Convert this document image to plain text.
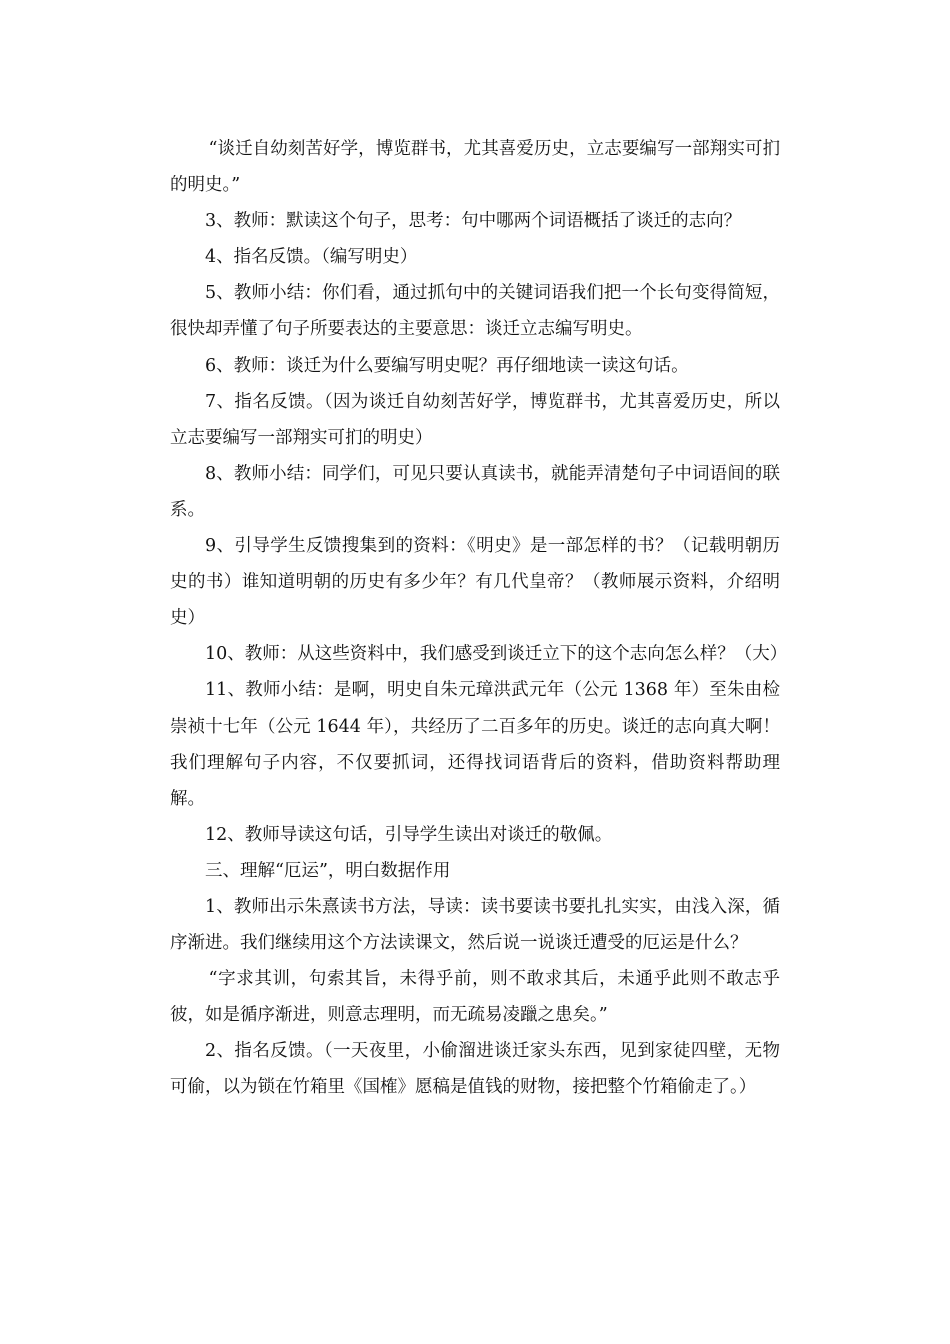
“谈迁自幼刻苦好学，博览群书，尤其喜爱历史，立志要编写一部翔实可扪的明史。”

3、教师：默读这个句子，思考：句中哪两个词语概括了谈迁的志向？

4、指名反馈。（编写明史）

5、教师小结：你们看，通过抓句中的关键词语我们把一个长句变得简短，很快却弄懂了句子所要表达的主要意思：谈迁立志编写明史。

6、教师：谈迁为什么要编写明史呢？再仔细地读一读这句话。

7、指名反馈。（因为谈迁自幼刻苦好学，博览群书，尤其喜爱历史，所以立志要编写一部翔实可扪的明史）

8、教师小结：同学们，可见只要认真读书，就能弄清楚句子中词语间的联系。

9、引导学生反馈搜集到的资料：《明史》是一部怎样的书？（记载明朝历史的书）谁知道明朝的历史有多少年？有几代皇帝？（教师展示资料，介绍明史）

10、教师：从这些资料中，我们感受到谈迁立下的这个志向怎么样？（大）

11、教师小结：是啊，明史自朱元璋洪武元年（公元 1368 年）至朱由检崇祯十七年（公元 1644 年），共经历了二百多年的历史。谈迁的志向真大啊！我们理解句子内容，不仅要抓词，还得找词语背后的资料，借助资料帮助理解。

12、教师导读这句话，引导学生读出对谈迁的敬佩。

三、理解“厄运”，明白数据作用

1、教师出示朱熹读书方法，导读：读书要读书要扎扎实实，由浅入深，循序渐进。我们继续用这个方法读课文，然后说一说谈迁遭受的厄运是什么？

“字求其训，句索其旨，未得乎前，则不敢求其后，未通乎此则不敢志乎彼，如是循序渐进，则意志理明，而无疏易凌躐之患矣。”

2、指名反馈。（一天夜里，小偷溜进谈迁家头东西，见到家徒四壁，无物可偷，以为锁在竹箱里《国榷》愿稿是值钱的财物，接把整个竹箱偷走了。）
